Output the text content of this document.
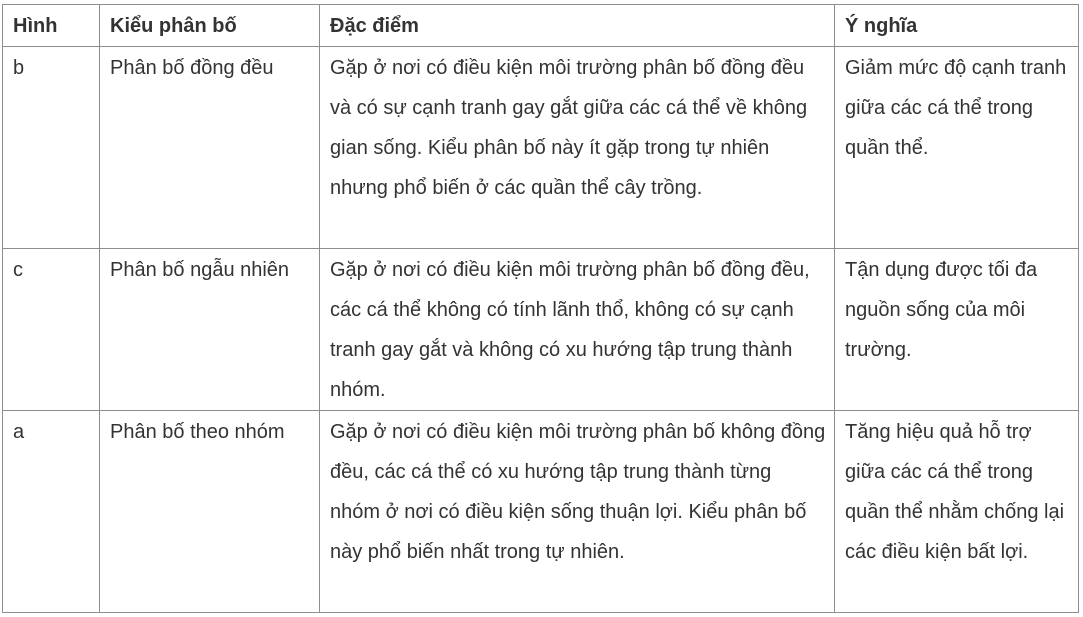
Hình	Kiểu phân bố	Đặc điểm	Ý nghĩa
b	Phân bố đồng đều	Gặp ở nơi có điều kiện môi trường phân bố đồng đều và có sự cạnh tranh gay gắt giữa các cá thể về không gian sống. Kiểu phân bố này ít gặp trong tự nhiên nhưng phổ biến ở các quần thể cây trồng.	Giảm mức độ cạnh tranh giữa các cá thể trong quần thể.
c	Phân bố ngẫu nhiên	Gặp ở nơi có điều kiện môi trường phân bố đồng đều, các cá thể không có tính lãnh thổ, không có sự cạnh tranh gay gắt và không có xu hướng tập trung thành nhóm.	Tận dụng được tối đa nguồn sống của môi trường.
a	Phân bố theo nhóm	Gặp ở nơi có điều kiện môi trường phân bố không đồng đều, các cá thể có xu hướng tập trung thành từng nhóm ở nơi có điều kiện sống thuận lợi. Kiểu phân bố này phổ biến nhất trong tự nhiên.	Tăng hiệu quả hỗ trợ giữa các cá thể trong quần thể nhằm chống lại các điều kiện bất lợi.
